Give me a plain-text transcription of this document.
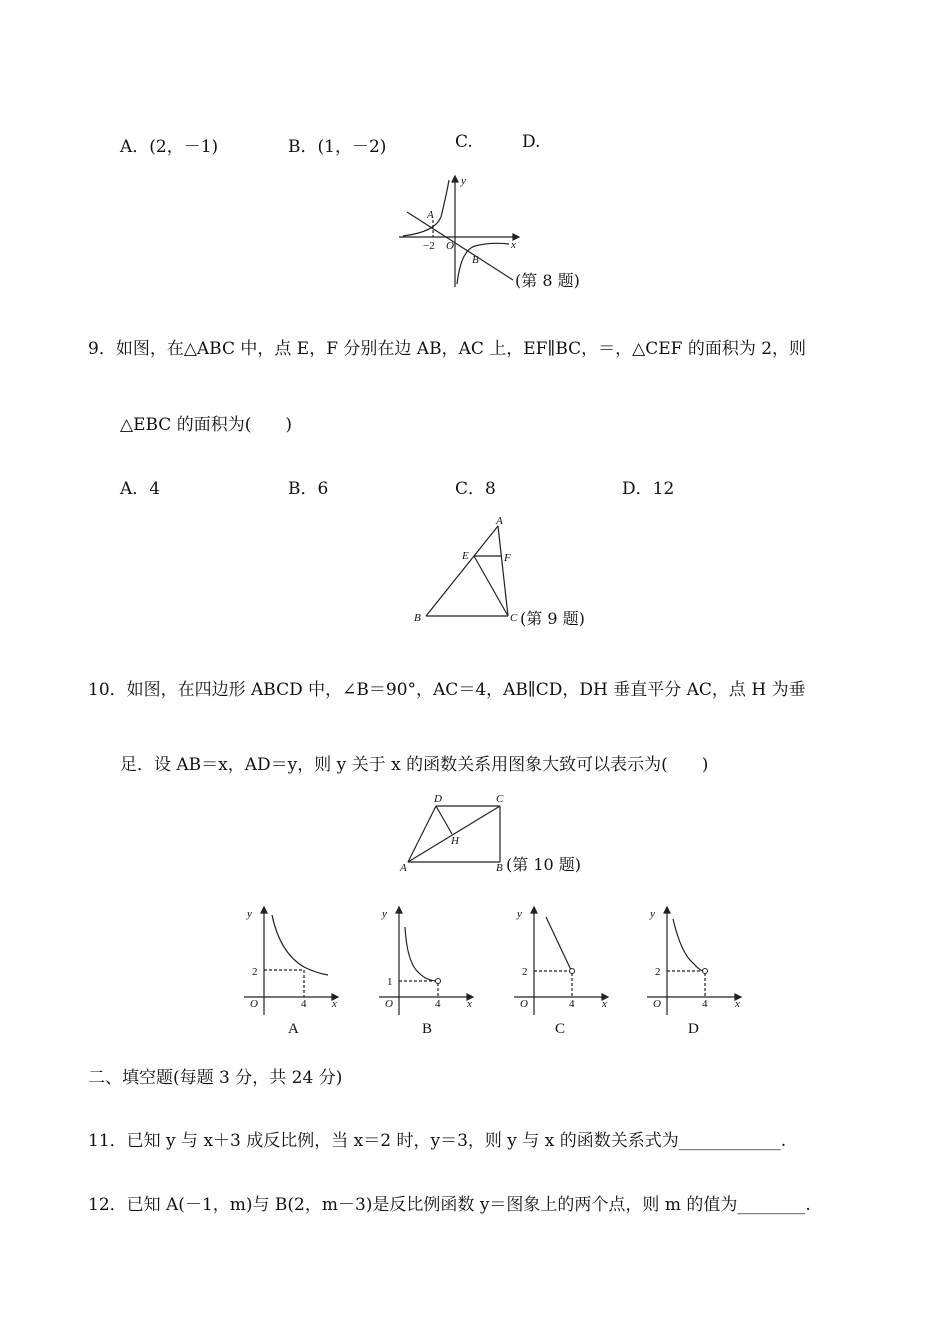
A．(2，－1)	B．(1，－2)	C.	D.
y
x
O
A
B
−2
(第 8 题)
9．如图，在△ABC 中，点 E，F 分别在边 AB，AC 上，EF∥BC，＝，△CEF 的面积为 2，则
△EBC 的面积为(　　)
A．4	B．6	C．8	D．12
A
E	F
B	C (第 9 题)
10．如图，在四边形 ABCD 中，∠B＝90°，AC＝4，AB∥CD，DH 垂直平分 AC，点 H 为垂
足．设 AB＝x，AD＝y，则 y 关于 x 的函数关系用图象大致可以表示为(　　)
D	C
H
A	B (第 10 题)
y
x
O
2
4
A
y
x
O
1
4
B
y
x
O
2
4
C
y
x
O
2
4
D
二、填空题(每题 3 分，共 24 分)
11．已知 y 与 x＋3 成反比例，当 x＝2 时，y＝3，则 y 与 x 的函数关系式为____________.
12．已知 A(－1，m)与 B(2，m－3)是反比例函数 y＝图象上的两个点，则 m 的值为________.
